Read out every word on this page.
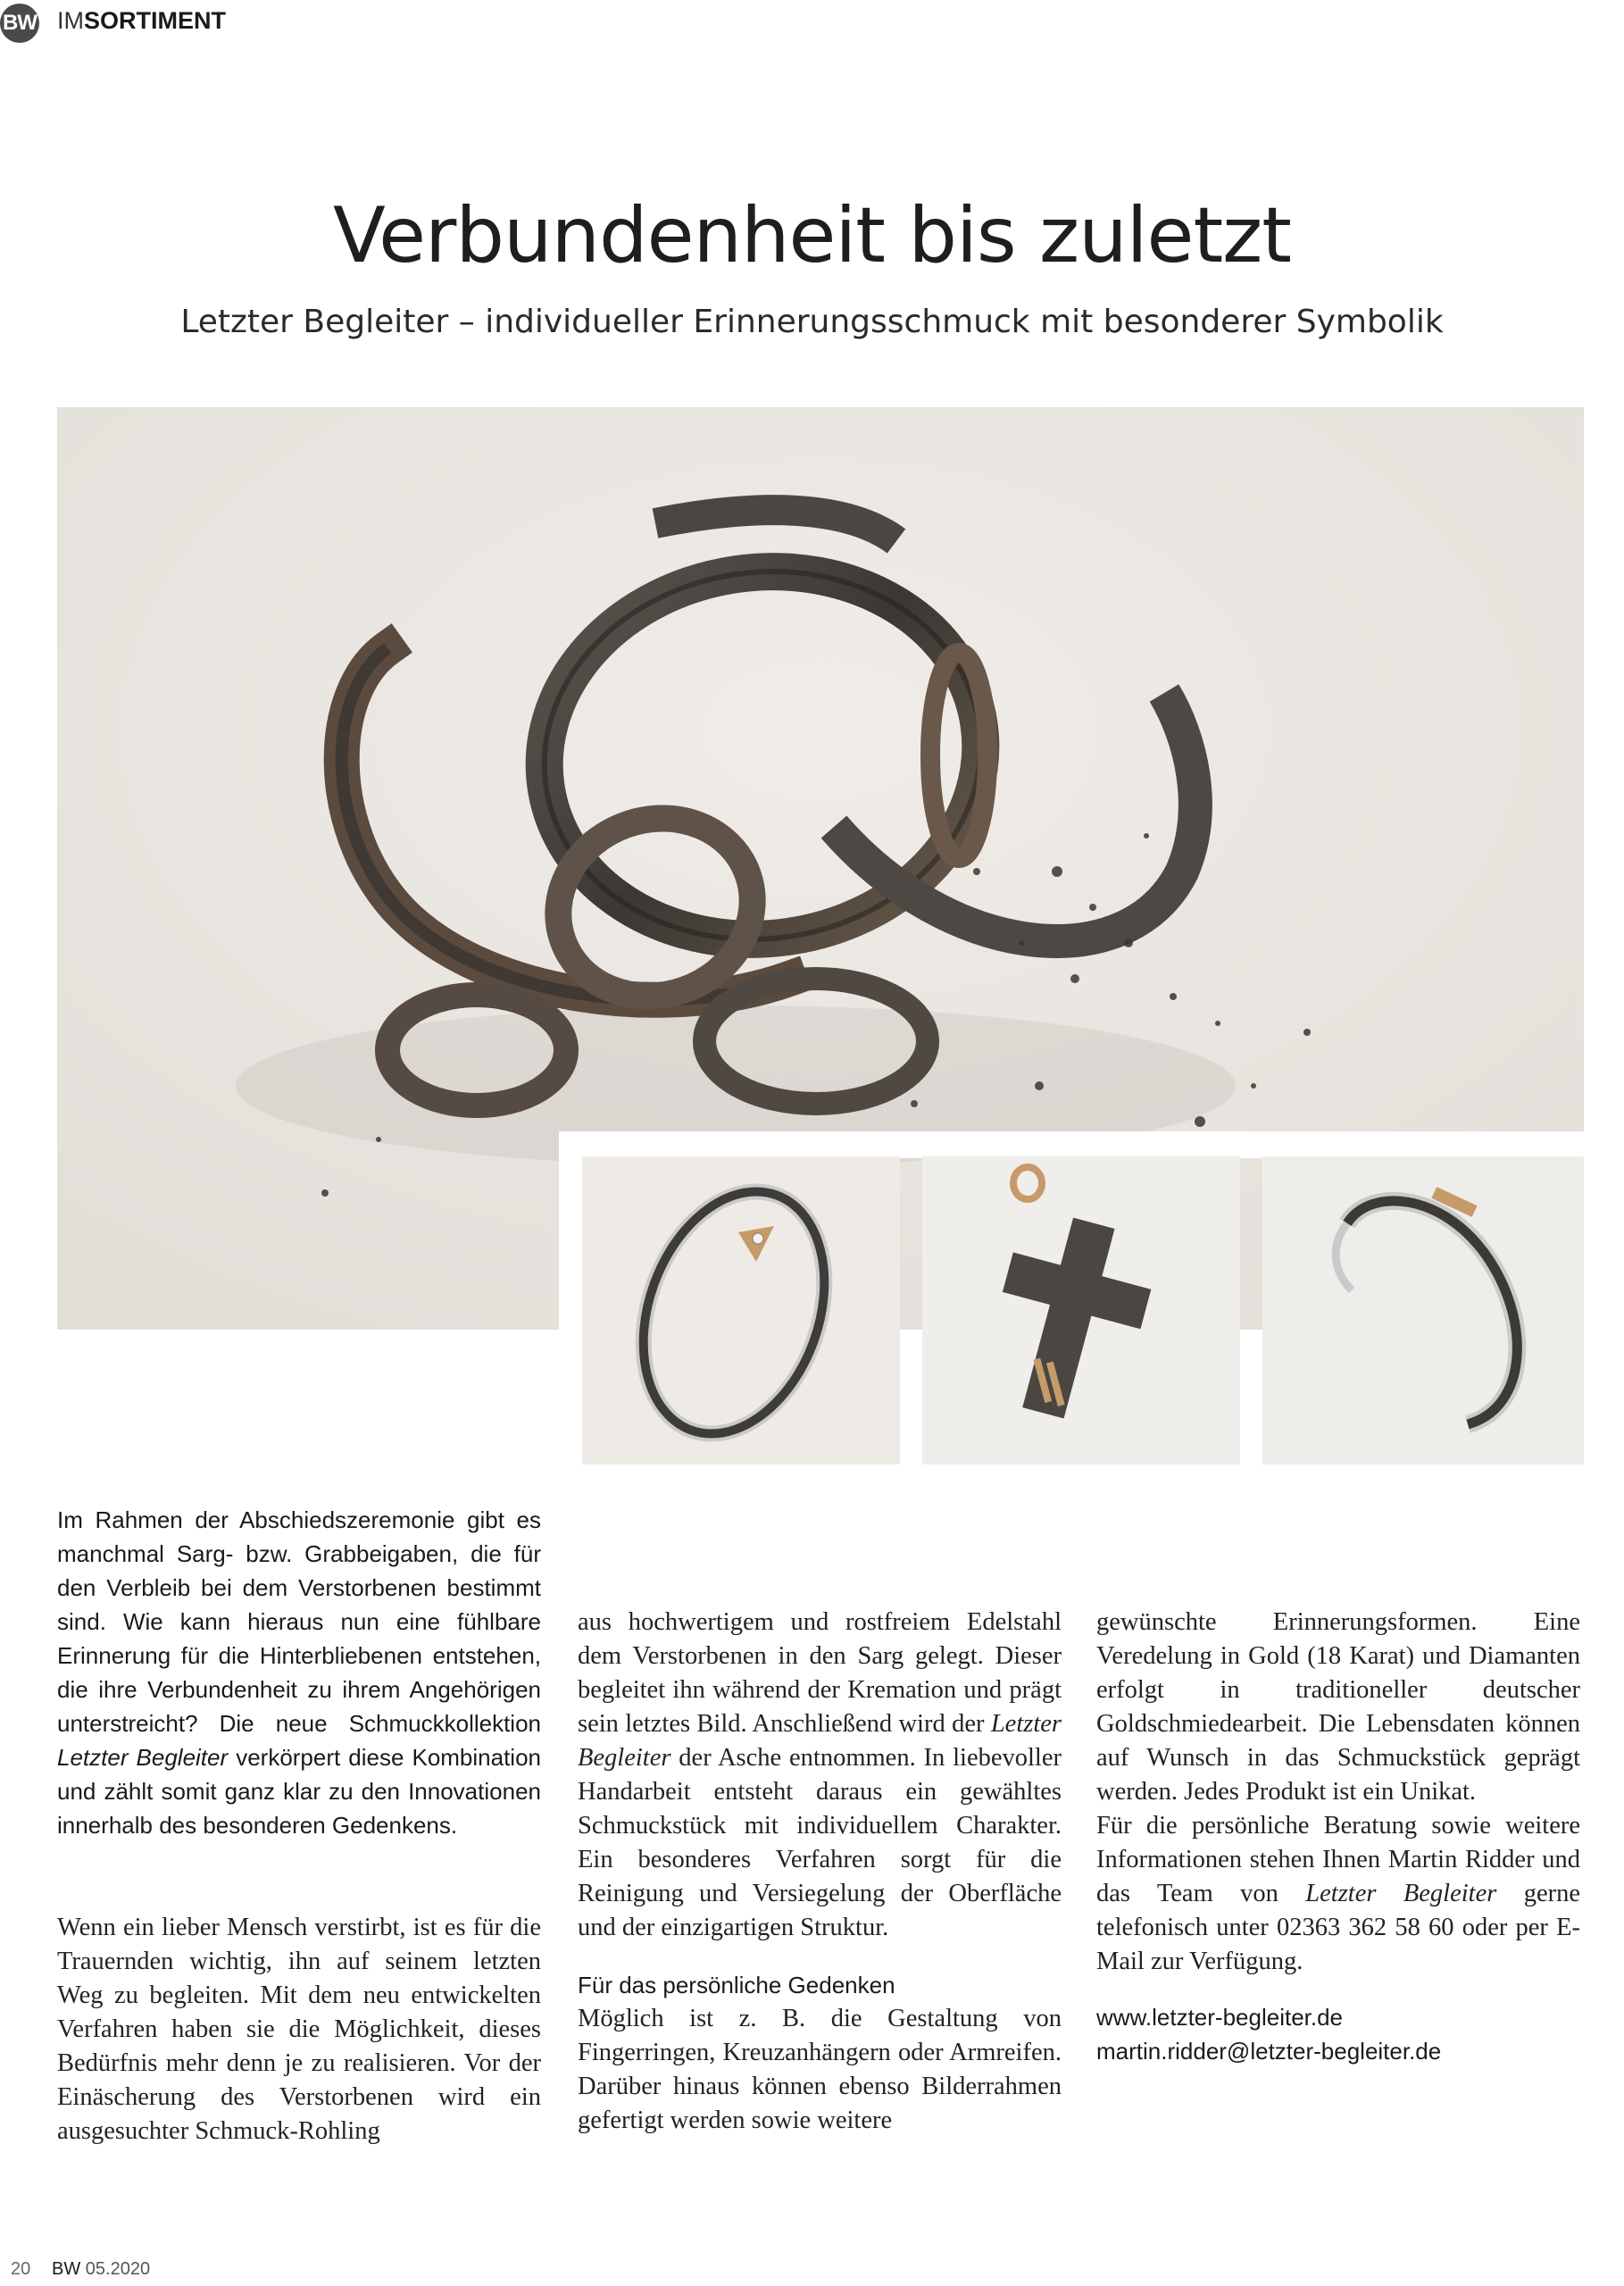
BW IMSORTIMENT
Verbundenheit bis zuletzt
Letzter Begleiter – individueller Erinnerungsschmuck mit besonderer Symbolik
Im Rahmen der Abschiedszeremonie gibt es manchmal Sarg- bzw. Grabbeigaben, die für den Verbleib bei dem Verstorbenen bestimmt sind. Wie kann hieraus nun eine fühlbare Erinnerung für die Hinterbliebenen entstehen, die ihre Verbundenheit zu ihrem Angehörigen unterstreicht? Die neue Schmuckkollektion Letzter Begleiter verkörpert diese Kombination und zählt somit ganz klar zu den Innovationen innerhalb des besonderen Gedenkens.

Wenn ein lieber Mensch verstirbt, ist es für die Trauernden wichtig, ihn auf seinem letzten Weg zu begleiten. Mit dem neu entwickelten Verfahren haben sie die Möglichkeit, dieses Bedürfnis mehr denn je zu realisieren. Vor der Einäscherung des Verstorbenen wird ein ausgesuchter Schmuck-Rohling

aus hochwertigem und rostfreiem Edelstahl dem Verstorbenen in den Sarg gelegt. Dieser begleitet ihn während der Kremation und prägt sein letztes Bild. Anschließend wird der Letzter Begleiter der Asche entnommen. In liebevoller Handarbeit entsteht daraus ein gewähltes Schmuckstück mit individuellem Charakter. Ein besonderes Verfahren sorgt für die Reinigung und Versiegelung der Oberfläche und der einzigartigen Struktur.

Für das persönliche Gedenken

Möglich ist z. B. die Gestaltung von Fingerringen, Kreuzanhängern oder Armreifen. Darüber hinaus können ebenso Bilderrahmen gefertigt werden sowie weitere

gewünschte Erinnerungsformen. Eine Veredelung in Gold (18 Karat) und Diamanten erfolgt in traditioneller deutscher Goldschmiedearbeit. Die Lebensdaten können auf Wunsch in das Schmuckstück geprägt werden. Jedes Produkt ist ein Unikat.

Für die persönliche Beratung sowie weitere Informationen stehen Ihnen Martin Ridder und das Team von Letzter Begleiter gerne telefonisch unter 02363 362 58 60 oder per E-Mail zur Verfügung.

www.letzter-begleiter.de
martin.ridder@letzter-begleiter.de
20 BW 05.2020
